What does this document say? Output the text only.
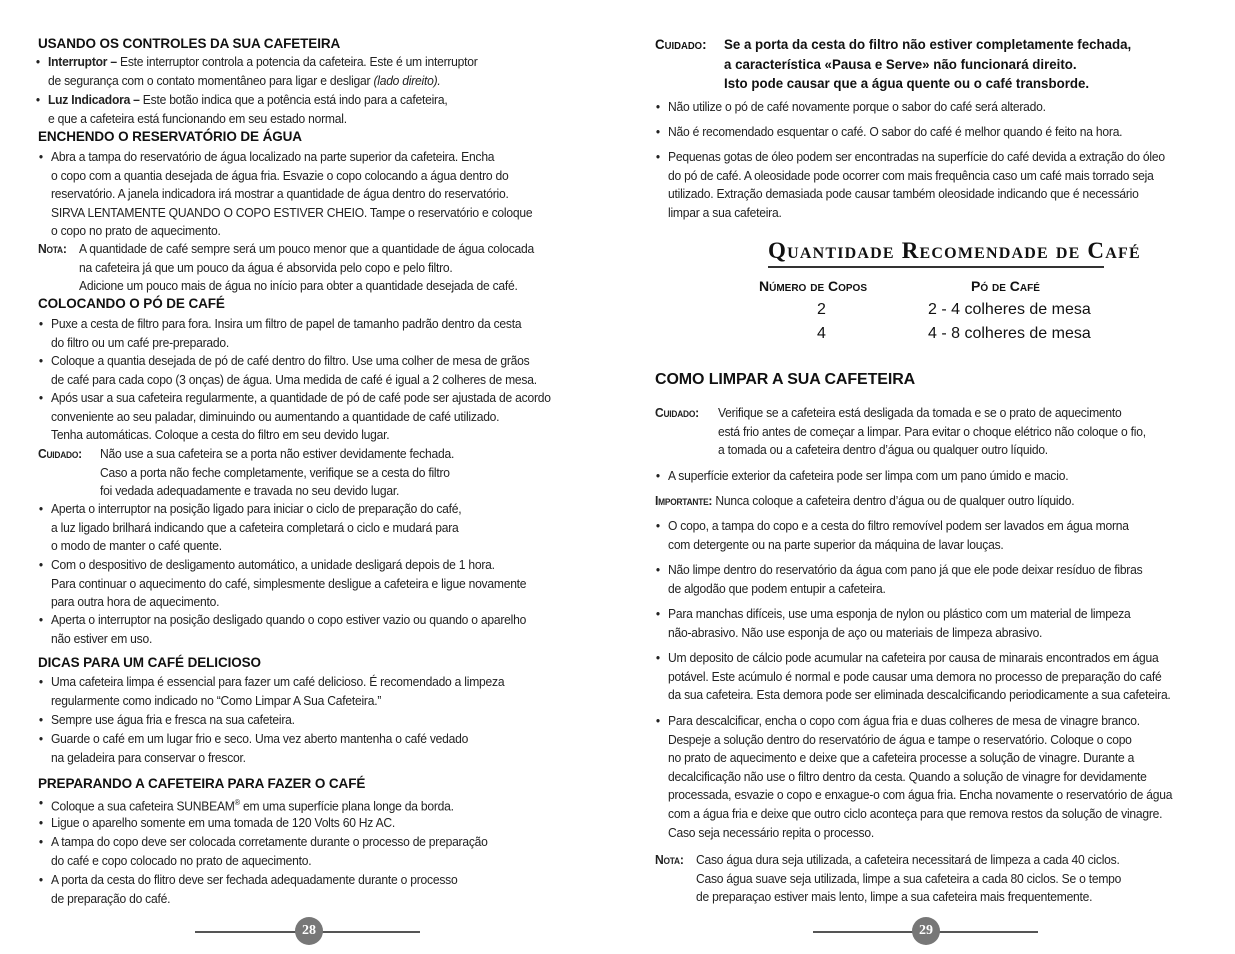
USANDO OS CONTROLES DA SUA CAFETEIRA
• Interruptor – Este interruptor controla a potencia da cafeteira. Este é um interruptor
de segurança com o contato momentâneo para ligar e desligar (lado direito).
• Luz Indicadora – Este botão indica que a potência está indo para a cafeteira,
e que a cafeteira está funcionando em seu estado normal.
ENCHENDO O RESERVATÓRIO DE ÁGUA
• Abra a tampa do reservatório de água localizado na parte superior da cafeteira. Encha
o copo com a quantia desejada de água fria. Esvazie o copo colocando a água dentro do
reservatório. A janela indicadora irá mostrar a quantidade de água dentro do reservatório.
SIRVA LENTAMENTE QUANDO O COPO ESTIVER CHEIO. Tampe o reservatório e coloque
o copo no prato de aquecimento.
Nota: A quantidade de café sempre será um pouco menor que a quantidade de água colocada
na cafeteira já que um pouco da água é absorvida pelo copo e pelo filtro.
Adicione um pouco mais de água no início para obter a quantidade desejada de café.
COLOCANDO O PÓ DE CAFÉ
• Puxe a cesta de filtro para fora. Insira um filtro de papel de tamanho padrão dentro da cesta
do filtro ou um café pre-preparado.
• Coloque a quantia desejada de pó de café dentro do filtro. Use uma colher de mesa de grãos
de café para cada copo (3 onças) de água. Uma medida de café é igual a 2 colheres de mesa.
• Após usar a sua cafeteira regularmente, a quantidade de pó de café pode ser ajustada de acordo
conveniente ao seu paladar, diminuindo ou aumentando a quantidade de café utilizado.
Tenha automáticas. Coloque a cesta do filtro em seu devido lugar.
Cuidado: Não use a sua cafeteira se a porta não estiver devidamente fechada.
Caso a porta não feche completamente, verifique se a cesta do filtro
foi vedada adequadamente e travada no seu devido lugar.
• Aperta o interruptor na posição ligado para iniciar o ciclo de preparação do café,
a luz ligado brilhará indicando que a cafeteira completará o ciclo e mudará para
o modo de manter o café quente.
• Com o despositivo de desligamento automático, a unidade desligará depois de 1 hora.
Para continuar o aquecimento do café, simplesmente desligue a cafeteira e ligue novamente
para outra hora de aquecimento.
• Aperta o interruptor na posição desligado quando o copo estiver vazio ou quando o aparelho
não estiver em uso.
DICAS PARA UM CAFÉ DELICIOSO
• Uma cafeteira limpa é essencial para fazer um café delicioso. É recomendado a limpeza
regularmente como indicado no “Como Limpar A Sua Cafeteira.”
• Sempre use água fria e fresca na sua cafeteira.
• Guarde o café em um lugar frio e seco. Uma vez aberto mantenha o café vedado
na geladeira para conservar o frescor.
PREPARANDO A CAFETEIRA PARA FAZER O CAFÉ
• Coloque a sua cafeteira SUNBEAM® em uma superfície plana longe da borda.
• Ligue o aparelho somente em uma tomada de 120 Volts 60 Hz AC.
• A tampa do copo deve ser colocada corretamente durante o processo de preparação
do café e copo colocado no prato de aquecimento.
• A porta da cesta do flitro deve ser fechada adequadamente durante o processo
de preparação do café.
28
Cuidado: Se a porta da cesta do filtro não estiver completamente fechada,
a característica «Pausa e Serve» não funcionará direito.
Isto pode causar que a água quente ou o café transborde.
• Não utilize o pó de café novamente porque o sabor do café será alterado.
• Não é recomendado esquentar o café. O sabor do café é melhor quando é feito na hora.
• Pequenas gotas de óleo podem ser encontradas na superfície do café devida a extração do óleo
do pó de café. A oleosidade pode ocorrer com mais frequência caso um café mais torrado seja
utilizado. Extração demasiada pode causar também oleosidade indicando que é necessário
limpar a sua cafeteira.
Quantidade Recomendade de Café
Número de Copos	Pó de Café
2	2 - 4 colheres de mesa
4	4 - 8 colheres de mesa
COMO LIMPAR A SUA CAFETEIRA
Cuidado: Verifique se a cafeteira está desligada da tomada e se o prato de aquecimento
está frio antes de começar a limpar. Para evitar o choque elétrico não coloque o fio,
a tomada ou a cafeteira dentro d’água ou qualquer outro líquido.
• A superfície exterior da cafeteira pode ser limpa com um pano úmido e macio.
Importante: Nunca coloque a cafeteira dentro d’água ou de qualquer outro líquido.
• O copo, a tampa do copo e a cesta do filtro removível podem ser lavados em água morna
com detergente ou na parte superior da máquina de lavar louças.
• Não limpe dentro do reservatório da água com pano já que ele pode deixar resíduo de fibras
de algodão que podem entupir a cafeteira.
• Para manchas difíceis, use uma esponja de nylon ou plástico com um material de limpeza
não-abrasivo. Não use esponja de aço ou materiais de limpeza abrasivo.
• Um deposito de cálcio pode acumular na cafeteira por causa de minarais encontrados em água
potável. Este acúmulo é normal e pode causar uma demora no processo de preparação do café
da sua cafeteira. Esta demora pode ser eliminada descalcificando periodicamente a sua cafeteira.
• Para descalcificar, encha o copo com água fria e duas colheres de mesa de vinagre branco.
Despeje a solução dentro do reservatório de água e tampe o reservatório. Coloque o copo
no prato de aquecimento e deixe que a cafeteira processe a solução de vinagre. Durante a
decalcificação não use o filtro dentro da cesta. Quando a solução de vinagre for devidamente
processada, esvazie o copo e enxague-o com água fria. Encha novamente o reservatório de água
com a água fria e deixe que outro ciclo aconteça para que remova restos da solução de vinagre.
Caso seja necessário repita o processo.
Nota: Caso água dura seja utilizada, a cafeteira necessitará de limpeza a cada 40 ciclos.
Caso água suave seja utilizada, limpe a sua cafeteira a cada 80 ciclos. Se o tempo
de preparaçao estiver mais lento, limpe a sua cafeteira mais frequentemente.
29
